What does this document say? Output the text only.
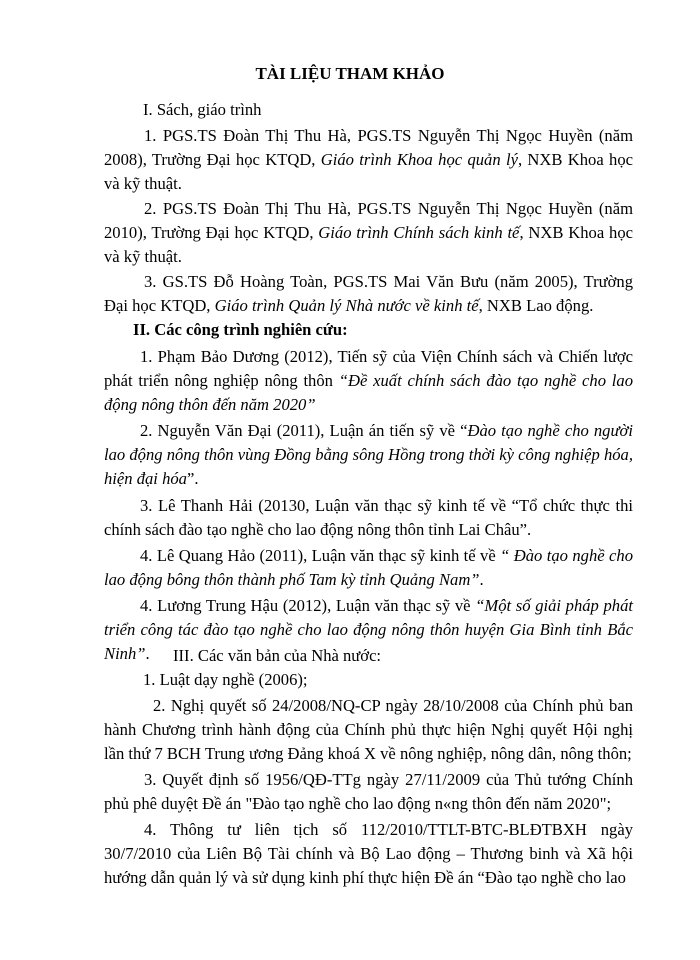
TÀI LIỆU THAM KHẢO
I. Sách, giáo trình
1. PGS.TS Đoàn Thị Thu Hà, PGS.TS Nguyễn Thị Ngọc Huyền (năm 2008), Trường Đại học KTQD, Giáo trình Khoa học quản lý, NXB Khoa học và kỹ thuật.
2. PGS.TS Đoàn Thị Thu Hà, PGS.TS Nguyễn Thị Ngọc Huyền (năm 2010), Trường Đại học KTQD, Giáo trình Chính sách kinh tế, NXB Khoa học và kỹ thuật.
3. GS.TS Đỗ Hoàng Toàn, PGS.TS Mai Văn Bưu (năm 2005), Trường Đại học KTQD, Giáo trình Quản lý Nhà nước về kinh tế, NXB Lao động.
II. Các công trình nghiên cứu:
1. Phạm Bảo Dương (2012), Tiến sỹ của Viện Chính sách và Chiến lược phát triển nông nghiệp nông thôn “Đề xuất chính sách đào tạo nghề cho lao động nông thôn đến năm 2020”
2. Nguyễn Văn Đại (2011), Luận án tiến sỹ về “Đào tạo nghề cho người lao động nông thôn vùng Đồng bằng sông Hồng trong thời kỳ công nghiệp hóa, hiện đại hóa”.
3. Lê Thanh Hải (20130, Luận văn thạc sỹ kinh tế về “Tổ chức thực thi chính sách đào tạo nghề cho lao động nông thôn tỉnh Lai Châu”.
4. Lê Quang Hảo (2011), Luận văn thạc sỹ kinh tế về “ Đào tạo nghề cho lao động bông thôn thành phố Tam kỳ tỉnh Quảng Nam”.
4. Lương Trung Hậu (2012), Luận văn thạc sỹ về “Một số giải pháp phát triển công tác đào tạo nghề cho lao động nông thôn huyện Gia Bình tỉnh Bắc Ninh”.	III. Các văn bản của Nhà nước:
1. Luật dạy nghề (2006);
2. Nghị quyết số 24/2008/NQ-CP ngày 28/10/2008 của Chính phủ ban hành Chương trình hành động của Chính phủ thực hiện Nghị quyết Hội nghị lần thứ 7 BCH Trung ương Đảng khoá X về nông nghiệp, nông dân, nông thôn;
3. Quyết định số 1956/QĐ-TTg ngày 27/11/2009 của Thủ tướng Chính phủ phê duyệt Đề án "Đào tạo nghề cho lao động n«ng thôn đến năm 2020";
4. Thông tư liên tịch số 112/2010/TTLT-BTC-BLĐTBXH ngày 30/7/2010 của Liên Bộ Tài chính và Bộ Lao động – Thương binh và Xã hội hướng dẫn quản lý và sử dụng kinh phí thực hiện Đề án “Đào tạo nghề cho lao
